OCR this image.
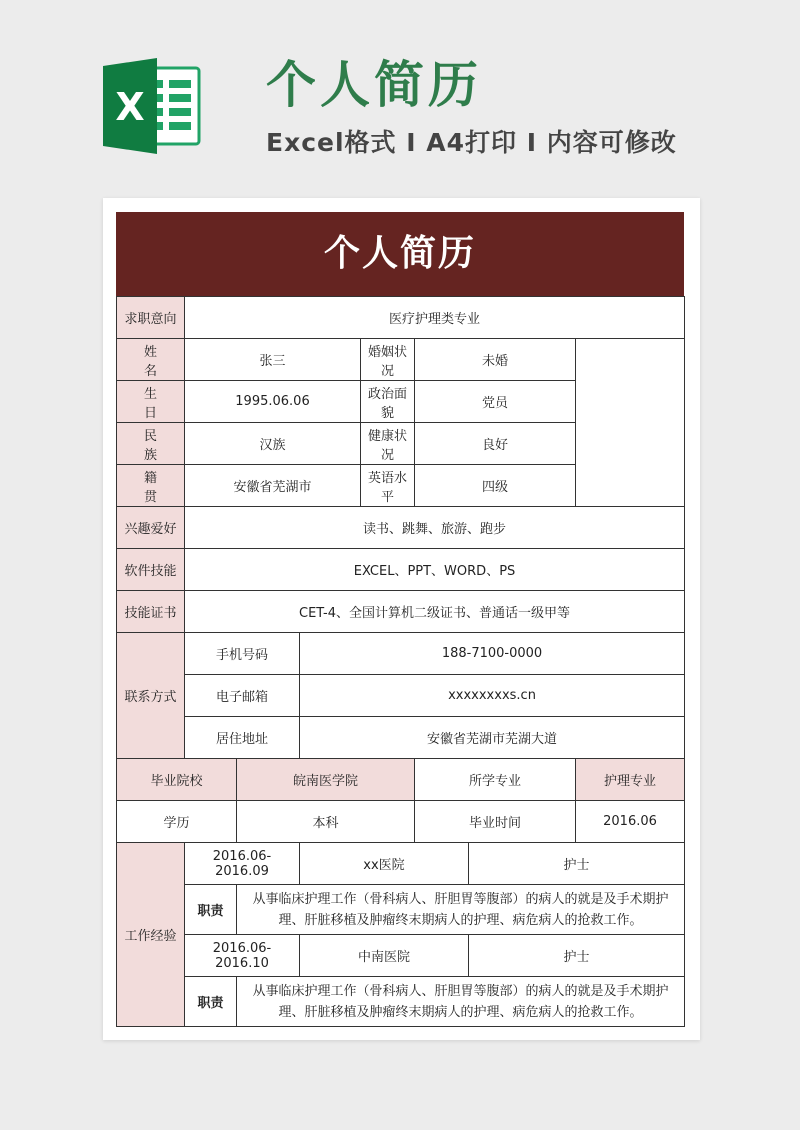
X 个人简历
Excel格式 I A4打印 I 内容可修改
个人简历
求职意向	医疗护理类专业						
姓名	张三			婚姻状况	未婚		
生日	1995.06.06			政治面貌	党员		
民族	汉族			健康状况	良好		
籍贯	安徽省芜湖市			英语水平	四级		
兴趣爱好	读书、跳舞、旅游、跑步						
软件技能	EXCEL、PPT、WORD、PS						
技能证书	CET-4、全国计算机二级证书、普通话一级甲等						
联系方式	手机号码		188-7100-0000				
	电子邮箱		xxxxxxxxs.cn				
	居住地址		安徽省芜湖市芜湖大道				
毕业院校		皖南医学院			所学专业		护理专业
学历		本科			毕业时间		2016.06
工作经验	2016.06-2016.09		xx医院			护士	
	职责	从事临床护理工作（骨科病人、肝胆胃等腹部）的病人的就是及手术期护理、肝脏移植及肿瘤终末期病人的护理、病危病人的抢救工作。					
	2016.06-2016.10		中南医院			护士	
	职责	从事临床护理工作（骨科病人、肝胆胃等腹部）的病人的就是及手术期护理、肝脏移植及肿瘤终末期病人的护理、病危病人的抢救工作。					
